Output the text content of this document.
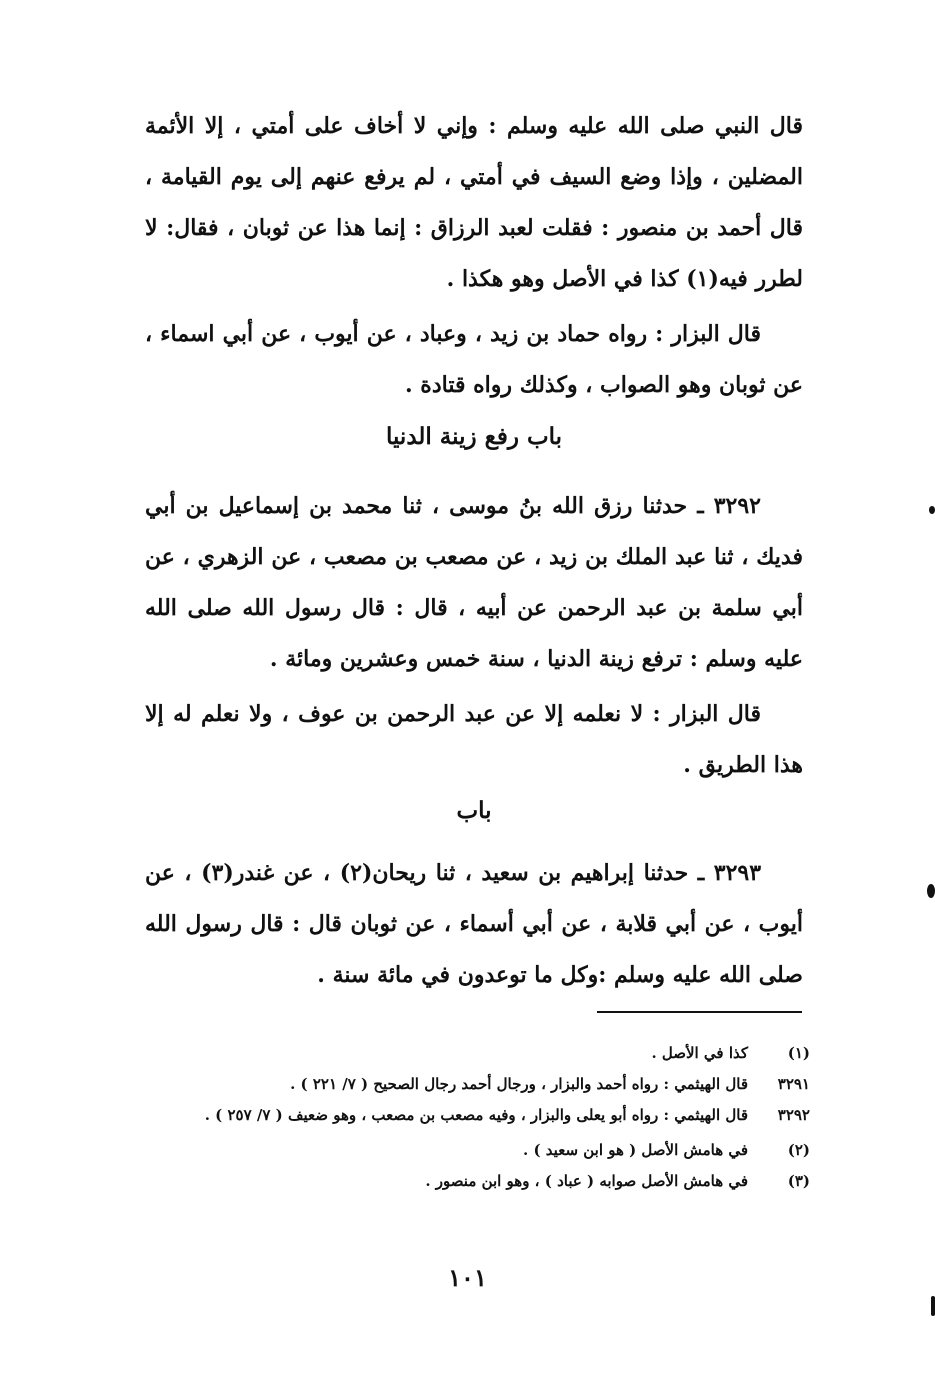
قال النبي صلى الله عليه وسلم : وإني لا أخاف على أمتي ، إلا الأئمة المضلين ، وإذا وضع السيف في أمتي ، لم يرفع عنهم إلى يوم القيامة ، قال أحمد بن منصور : فقلت لعبد الرزاق : إنما هذا عن ثوبان ، فقال: لا لطرر فيه(١) كذا في الأصل وهو هكذا .

قال البزار : رواه حماد بن زيد ، وعباد ، عن أيوب ، عن أبي اسماء ، عن ثوبان وهو الصواب ، وكذلك رواه قتادة .

باب رفع زينة الدنيا

٣٢٩٢ ـ حدثنا رزق الله بنُ موسى ، ثنا محمد بن إسماعيل بن أبي فديك ، ثنا عبد الملك بن زيد ، عن مصعب بن مصعب ، عن الزهري ، عن أبي سلمة بن عبد الرحمن عن أبيه ، قال : قال رسول الله صلى الله عليه وسلم : ترفع زينة الدنيا ، سنة خمس وعشرين ومائة .

قال البزار : لا نعلمه إلا عن عبد الرحمن بن عوف ، ولا نعلم له إلا هذا الطريق .

باب

٣٢٩٣ ـ حدثنا إبراهيم بن سعيد ، ثنا ريحان(٢) ، عن غندر(٣) ، عن أيوب ، عن أبي قلابة ، عن أبي أسماء ، عن ثوبان قال : قال رسول الله صلى الله عليه وسلم :وكل ما توعدون في مائة سنة .

(١)
كذا في الأصل .
٣٢٩١
قال الهيثمي : رواه أحمد والبزار ، ورجال أحمد رجال الصحيح ( ٧/ ٢٢١ ) .
٣٢٩٢
قال الهيثمي : رواه أبو يعلى والبزار ، وفيه مصعب بن مصعب ، وهو ضعيف ( ٧/ ٢٥٧ ) .
(٢)
في هامش الأصل ( هو ابن سعيد ) .
(٣)
في هامش الأصل صوابه ( عباد ) ، وهو ابن منصور .
١٠١
